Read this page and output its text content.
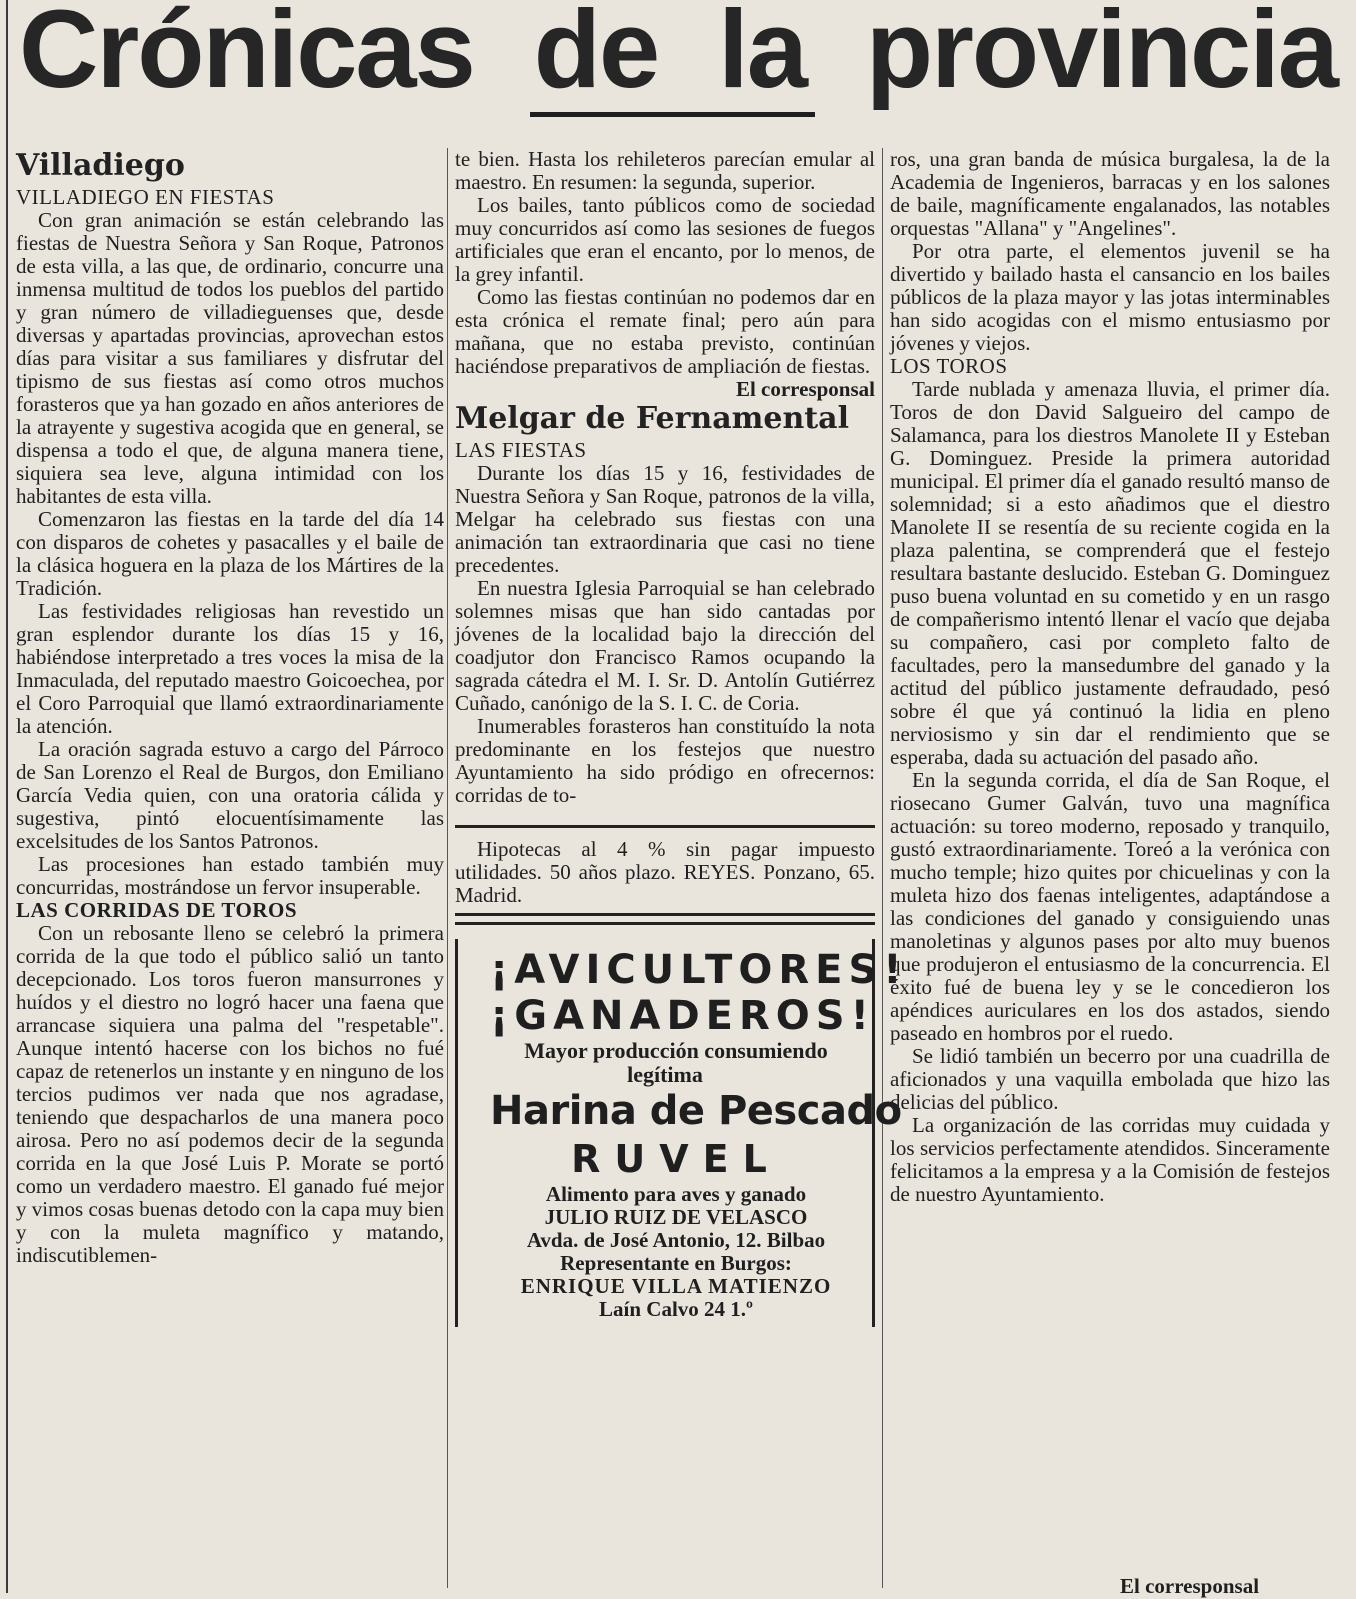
Crónicas de la provincia
Villadiego

VILLADIEGO EN FIESTAS

Con gran animación se están celebrando las fiestas de Nuestra Señora y San Roque, Patronos de esta villa, a las que, de ordinario, concurre una inmensa multitud de todos los pueblos del partido y gran número de villadieguenses que, desde diversas y apartadas provincias, aprovechan estos días para visitar a sus familiares y disfrutar del tipismo de sus fiestas así como otros muchos forasteros que ya han gozado en años anteriores de la atrayente y sugestiva acogida que en general, se dispensa a todo el que, de alguna manera tiene, siquiera sea leve, alguna intimidad con los habitantes de esta villa.

Comenzaron las fiestas en la tarde del día 14 con disparos de cohetes y pasacalles y el baile de la clásica hoguera en la plaza de los Mártires de la Tradición.

Las festividades religiosas han revestido un gran esplendor durante los días 15 y 16, habiéndose interpretado a tres voces la misa de la Inmaculada, del reputado maestro Goicoechea, por el Coro Parroquial que llamó extraordinariamente la atención.

La oración sagrada estuvo a cargo del Párroco de San Lorenzo el Real de Burgos, don Emiliano García Vedia quien, con una oratoria cálida y sugestiva, pintó elocuentísimamente las excelsitudes de los Santos Patronos.

Las procesiones han estado también muy concurridas, mostrándose un fervor insuperable.

LAS CORRIDAS DE TOROS

Con un rebosante lleno se celebró la primera corrida de la que todo el público salió un tanto decepcionado. Los toros fueron mansurrones y huídos y el diestro no logró hacer una faena que arrancase siquiera una palma del "respetable". Aunque intentó hacerse con los bichos no fué capaz de retenerlos un instante y en ninguno de los tercios pudimos ver nada que nos agradase, teniendo que despacharlos de una manera poco airosa. Pero no así podemos decir de la segunda corrida en la que José Luis P. Morate se portó como un verdadero maestro. El ganado fué mejor y vimos cosas buenas detodo con la capa muy bien y con la muleta magnífico y matando, indiscutiblemen-

te bien. Hasta los rehileteros parecían emular al maestro. En resumen: la segunda, superior.

Los bailes, tanto públicos como de sociedad muy concurridos así como las sesiones de fuegos artificiales que eran el encanto, por lo menos, de la grey infantil.

Como las fiestas continúan no podemos dar en esta crónica el remate final; pero aún para mañana, que no estaba previsto, continúan haciéndose preparativos de ampliación de fiestas.

El corresponsal

Melgar de Fernamental

LAS FIESTAS

Durante los días 15 y 16, festividades de Nuestra Señora y San Roque, patronos de la villa, Melgar ha celebrado sus fiestas con una animación tan extraordinaria que casi no tiene precedentes.

En nuestra Iglesia Parroquial se han celebrado solemnes misas que han sido cantadas por jóvenes de la localidad bajo la dirección del coadjutor don Francisco Ramos ocupando la sagrada cátedra el M. I. Sr. D. Antolín Gutiérrez Cuñado, canónigo de la S. I. C. de Coria.

Inumerables forasteros han constituído la nota predominante en los festejos que nuestro Ayuntamiento ha sido pródigo en ofrecernos: corridas de to-

Hipotecas al 4 % sin pagar impuesto utilidades. 50 años plazo. REYES. Ponzano, 65. Madrid.

¡AVICULTORES!

¡GANADEROS!

Mayor producción consumiendo legítima

Harina de Pescado

RUVEL

Alimento para aves y ganado

JULIO RUIZ DE VELASCO

Avda. de José Antonio, 12. Bilbao

Representante en Burgos:

ENRIQUE VILLA MATIENZO

Laín Calvo 24 1.º

ros, una gran banda de música burgalesa, la de la Academia de Ingenieros, barracas y en los salones de baile, magníficamente engalanados, las notables orquestas "Allana" y "Angelines".

Por otra parte, el elementos juvenil se ha divertido y bailado hasta el cansancio en los bailes públicos de la plaza mayor y las jotas interminables han sido acogidas con el mismo entusiasmo por jóvenes y viejos.

LOS TOROS

Tarde nublada y amenaza lluvia, el primer día. Toros de don David Salgueiro del campo de Salamanca, para los diestros Manolete II y Esteban G. Dominguez. Preside la primera autoridad municipal. El primer día el ganado resultó manso de solemnidad; si a esto añadimos que el diestro Manolete II se resentía de su reciente cogida en la plaza palentina, se comprenderá que el festejo resultara bastante deslucido. Esteban G. Dominguez puso buena voluntad en su cometido y en un rasgo de compañerismo intentó llenar el vacío que dejaba su compañero, casi por completo falto de facultades, pero la mansedumbre del ganado y la actitud del público justamente defraudado, pesó sobre él que yá continuó la lidia en pleno nerviosismo y sin dar el rendimiento que se esperaba, dada su actuación del pasado año.

En la segunda corrida, el día de San Roque, el riosecano Gumer Galván, tuvo una magnífica actuación: su toreo moderno, reposado y tranquilo, gustó extraordinariamente. Toreó a la verónica con mucho temple; hizo quites por chicuelinas y con la muleta hizo dos faenas inteligentes, adaptándose a las condiciones del ganado y consiguiendo unas manoletinas y algunos pases por alto muy buenos que produjeron el entusiasmo de la concurrencia. El éxito fué de buena ley y se le concedieron los apéndices auriculares en los dos astados, siendo paseado en hombros por el ruedo.

Se lidió también un becerro por una cuadrilla de aficionados y una vaquilla embolada que hizo las delicias del público.

La organización de las corridas muy cuidada y los servicios perfectamente atendidos. Sinceramente felicitamos a la empresa y a la Comisión de festejos de nuestro Ayuntamiento.

El corresponsal
